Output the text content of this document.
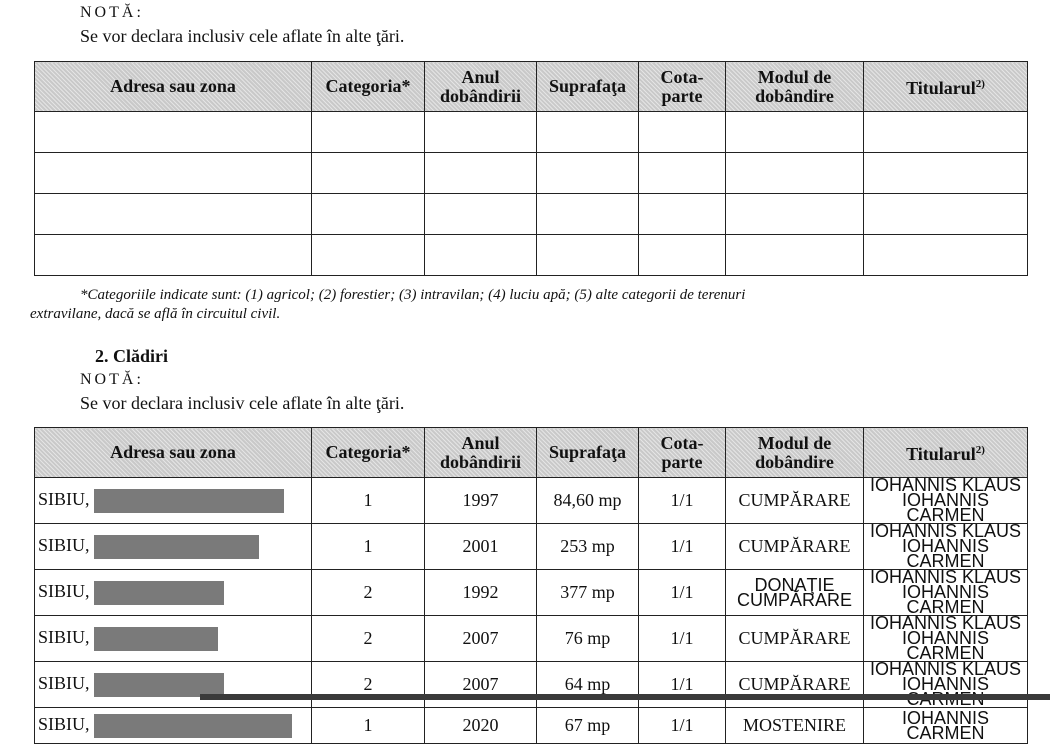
NOTĂ:
Se vor declara inclusiv cele aflate în alte ţări.
Adresa sau zona	Categoria*	Anul
dobândirii	Suprafaţa	Cota-
parte	Modul de
dobândire	Titularul$^{2)}$

*Categoriile indicate sunt: (1) agricol; (2) forestier; (3) intravilan; (4) luciu apă; (5) alte categorii de terenuri
extravilane, dacă se află în circuitul civil.
2. Clădiri
NOTĂ:
Se vor declara inclusiv cele aflate în alte ţări.
Adresa sau zona	Categoria*	Anul
dobândirii	Suprafaţa	Cota-
parte	Modul de
dobândire	Titularul$^{2)}$
SIBIU,	1	1997	84,60 mp	1/1	CUMPĂRARE	IOHANNIS KLAUS
IOHANNIS CARMEN
SIBIU,	1	2001	253 mp	1/1	CUMPĂRARE	IOHANNIS KLAUS
IOHANNIS CARMEN
SIBIU,	2	1992	377 mp	1/1	DONAŢIE
CUMPĂRARE	IOHANNIS KLAUS
IOHANNIS CARMEN
SIBIU,	2	2007	76 mp	1/1	CUMPĂRARE	IOHANNIS KLAUS
IOHANNIS CARMEN
SIBIU,	2	2007	64 mp	1/1	CUMPĂRARE	IOHANNIS KLAUS
IOHANNIS
SIBIU,	1	2020	67 mp	1/1	MOSTENIRE	IOHANNIS CARMEN
